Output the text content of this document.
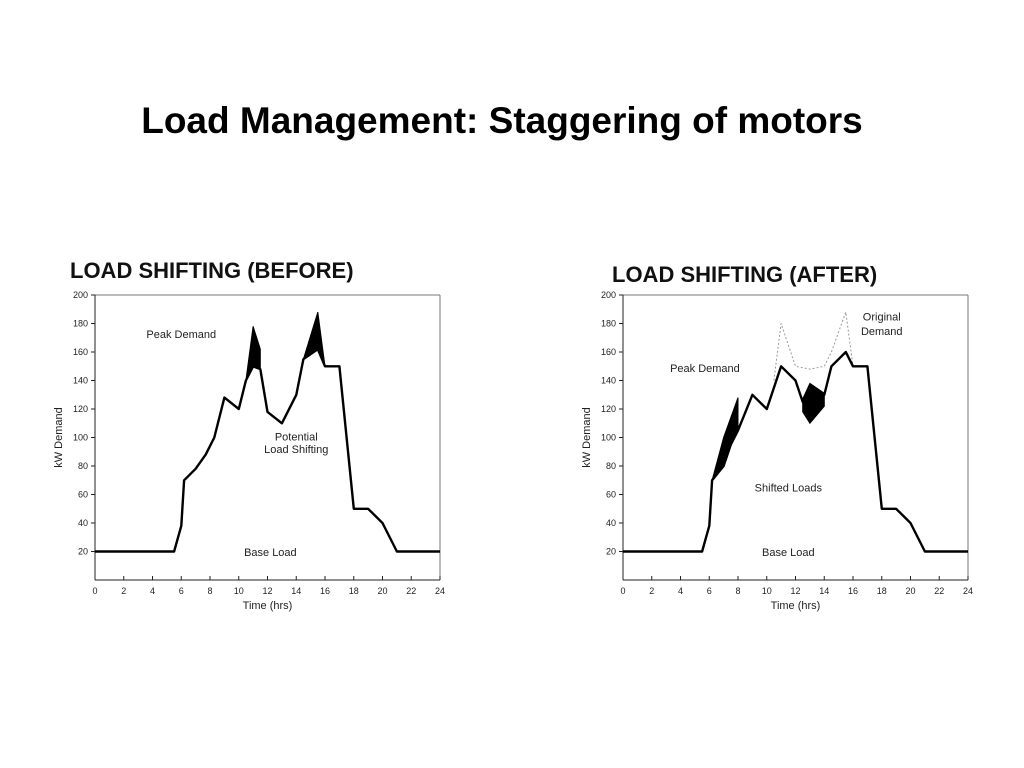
Load Management: Staggering of motors
LOAD SHIFTING (BEFORE)	LOAD SHIFTING (AFTER)
0	2	4	6	8 10 12 14 16 18 20 22 24
20
40
60
80
100
120
140
160
180
200
Time (hrs)
kW Demand
Peak Demand
Potential
Load Shifting
Base Load
0	2	4	6	8 10 12 14 16 18 20 22 24
20
40
60
80
100
120
140
160
180
200
Time (hrs)
kW Demand
Original
Demand
Peak Demand
Shifted Loads
Base Load
